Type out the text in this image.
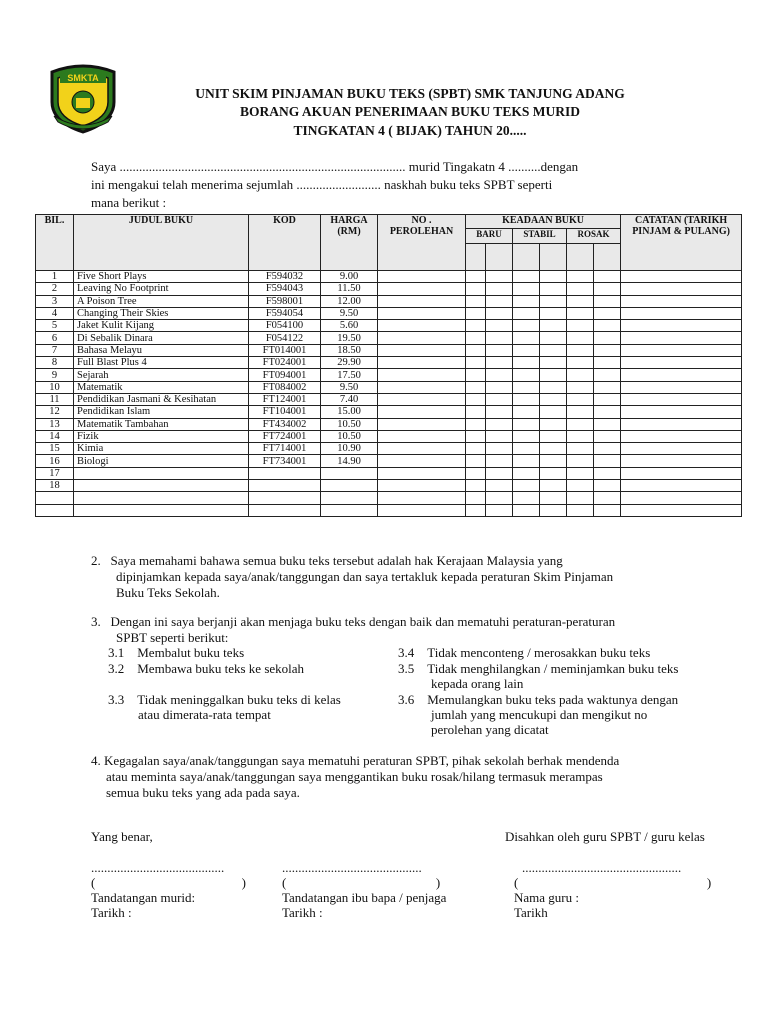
SMKTA
UNIT SKIM PINJAMAN BUKU TEKS (SPBT) SMK TANJUNG ADANG
BORANG AKUAN PENERIMAAN BUKU TEKS MURID
TINGKATAN 4 ( BIJAK) TAHUN 20.....
Saya ........................................................................................ murid Tingakatn 4 ..........dengan
ini mengakui telah menerima sejumlah .......................... naskhah buku teks SPBT seperti
mana berikut :
BIL.	JUDUL BUKU	KOD	HARGA (RM)	NO . PEROLEHAN	KEADAAN BUKU						CATATAN (TARIKH PINJAM & PULANG)
					BARU		STABIL		ROSAK		

1	Five Short Plays	F594032	9.00								
2	Leaving No Footprint	F594043	11.50								
3	A Poison Tree	F598001	12.00								
4	Changing Their Skies	F594054	9.50								
5	Jaket Kulit Kijang	F054100	5.60								
6	Di Sebalik Dinara	F054122	19.50								
7	Bahasa Melayu	FT014001	18.50								
8	Full Blast Plus 4	FT024001	29.90								
9	Sejarah	FT094001	17.50								
10	Matematik	FT084002	9.50								
11	Pendidikan Jasmani & Kesihatan	FT124001	7.40								
12	Pendidikan Islam	FT104001	15.00								
13	Matematik Tambahan	FT434002	10.50								
14	Fizik	FT724001	10.50								
15	Kimia	FT714001	10.90								
16	Biologi	FT734001	14.90								
17											
18											

2. Saya memahami bahawa semua buku teks tersebut adalah hak Kerajaan Malaysia yang
dipinjamkan kepada saya/anak/tanggungan dan saya tertakluk kepada peraturan Skim Pinjaman
Buku Teks Sekolah.
3. Dengan ini saya berjanji akan menjaga buku teks dengan baik dan mematuhi peraturan-peraturan
SPBT seperti berikut:
3.1 Membalut buku teks
3.2 Membawa buku teks ke sekolah
3.3 Tidak meninggalkan buku teks di kelas
atau dimerata-rata tempat
3.4 Tidak menconteng / merosakkan buku teks
3.5 Tidak menghilangkan / meminjamkan buku teks
kepada orang lain
3.6 Memulangkan buku teks pada waktunya dengan
jumlah yang mencukupi dan mengikut no
perolehan yang dicatat
4. Kegagalan saya/anak/tanggungan saya mematuhi peraturan SPBT, pihak sekolah berhak mendenda
atau meminta saya/anak/tanggungan saya menggantikan buku rosak/hilang termasuk merampas
semua buku teks yang ada pada saya.
Yang benar,	Disahkan oleh guru SPBT / guru kelas
.........................................
(                                             )
Tandatangan murid:
Tarikh :
...........................................
(                                              )
Tandatangan ibu bapa / penjaga
Tarikh :
.................................................
(                                                          )
Nama guru :
Tarikh
